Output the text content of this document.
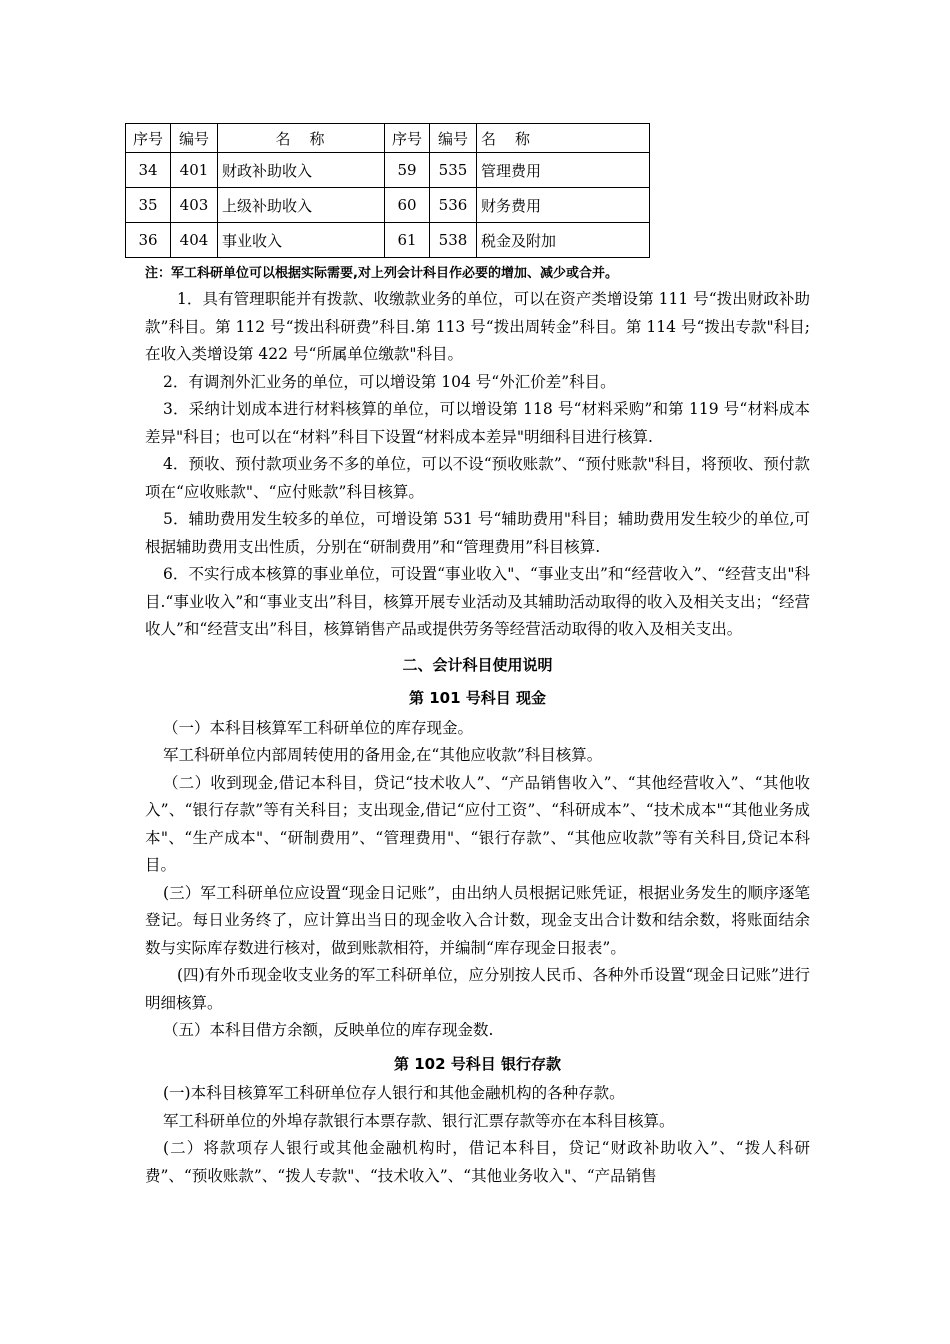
序号	编号	名　称	序号	编号	名　称
34	401	财政补助收入	59	535	管理费用
35	403	上级补助收入	60	536	财务费用
36	404	事业收入	61	538	税金及附加
注：军工科研单位可以根据实际需要,对上列会计科目作必要的增加、减少或合并。

1．具有管理职能并有拨款、收缴款业务的单位，可以在资产类增设第 111 号“拨出财政补助款”科目。第 112 号“拨出科研费”科目.第 113 号“拨出周转金”科目。第 114 号“拨出专款"科目;在收入类增设第 422 号“所属单位缴款"科目。

2．有调剂外汇业务的单位，可以增设第 104 号“外汇价差”科目。

3．采纳计划成本进行材料核算的单位，可以增设第 118 号“材料采购”和第 119 号“材料成本差异"科目；也可以在“材料”科目下设置“材料成本差异"明细科目进行核算.

4．预收、预付款项业务不多的单位，可以不设“预收账款”、“预付账款"科目，将预收、预付款项在“应收账款"、“应付账款”科目核算。

5．辅助费用发生较多的单位，可增设第 531 号“辅助费用"科目；辅助费用发生较少的单位,可根据辅助费用支出性质，分别在“研制费用”和“管理费用”科目核算.

6．不实行成本核算的事业单位，可设置“事业收入"、“事业支出”和“经营收入”、“经营支出"科目.“事业收入”和“事业支出”科目，核算开展专业活动及其辅助活动取得的收入及相关支出；“经营收人”和“经营支出”科目，核算销售产品或提供劳务等经营活动取得的收入及相关支出。

二、会计科目使用说明

第 101 号科目 现金

（一）本科目核算军工科研单位的库存现金。

军工科研单位内部周转使用的备用金,在“其他应收款”科目核算。

（二）收到现金,借记本科目，贷记“技术收人”、“产品销售收入”、“其他经营收入”、“其他收入”、“银行存款”等有关科目；支出现金,借记“应付工资”、“科研成本”、“技术成本"“其他业务成本"、“生产成本"、“研制费用”、“管理费用"、“银行存款”、“其他应收款”等有关科目,贷记本科目。

(三）军工科研单位应设置“现金日记账”，由出纳人员根据记账凭证，根据业务发生的顺序逐笔登记。每日业务终了，应计算出当日的现金收入合计数，现金支出合计数和结余数，将账面结余数与实际库存数进行核对，做到账款相符，并编制“库存现金日报表”。

(四)有外币现金收支业务的军工科研单位，应分别按人民币、各种外币设置“现金日记账”进行明细核算。

（五）本科目借方余额，反映单位的库存现金数.

第 102 号科目 银行存款

(一)本科目核算军工科研单位存人银行和其他金融机构的各种存款。

军工科研单位的外埠存款银行本票存款、银行汇票存款等亦在本科目核算。

(二）将款项存人银行或其他金融机构时，借记本科目，贷记“财政补助收入”、“拨人科研费”、“预收账款”、“拨人专款"、“技术收入”、“其他业务收入"、“产品销售
